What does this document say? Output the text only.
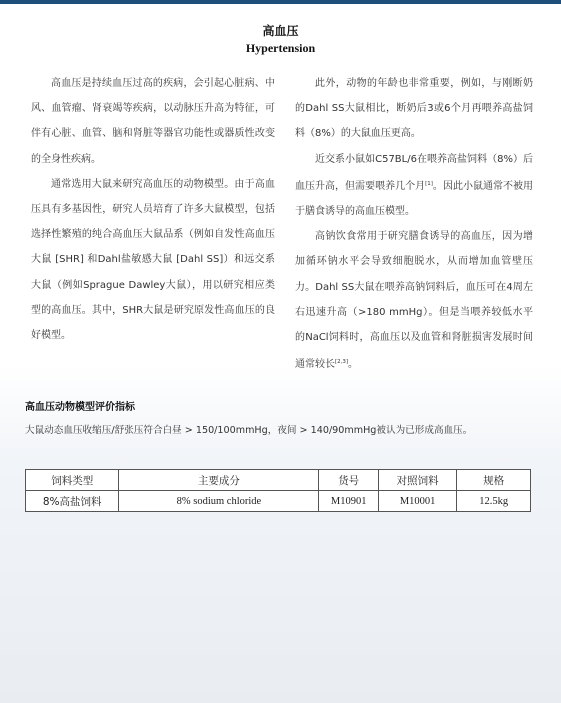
高血压
Hypertension

高血压是持续血压过高的疾病，会引起心脏病、中风、血管瘤、肾衰竭等疾病，以动脉压升高为特征，可伴有心脏、血管、脑和肾脏等器官功能性或器质性改变的全身性疾病。

通常选用大鼠来研究高血压的动物模型。由于高血压具有多基因性，研究人员培育了许多大鼠模型，包括选择性繁殖的纯合高血压大鼠品系（例如自发性高血压大鼠 [SHR] 和Dahl盐敏感大鼠 [Dahl SS]）和远交系大鼠（例如Sprague Dawley大鼠），用以研究相应类型的高血压。其中，SHR大鼠是研究原发性高血压的良好模型。

此外，动物的年龄也非常重要，例如，与刚断奶的Dahl SS大鼠相比，断奶后3或6个月再喂养高盐饲料（8%）的大鼠血压更高。

近交系小鼠如C57BL/6在喂养高盐饲料（8%）后血压升高，但需要喂养几个月[1]。因此小鼠通常不被用于膳食诱导的高血压模型。

高钠饮食常用于研究膳食诱导的高血压，因为增加循环钠水平会导致细胞脱水，从而增加血管壁压力。Dahl SS大鼠在喂养高钠饲料后，血压可在4周左右迅速升高（>180 mmHg）。但是当喂养较低水平的NaCl饲料时，高血压以及血管和肾脏损害发展时间通常较长[2,3]。

高血压动物模型评价指标
大鼠动态血压收缩压/舒张压符合白昼 > 150/100mmHg，夜间 > 140/90mmHg被认为已形成高血压。
饲料类型	主要成分	货号	对照饲料	规格
8%高盐饲料	8% sodium chloride	M10901	M10001	12.5kg
